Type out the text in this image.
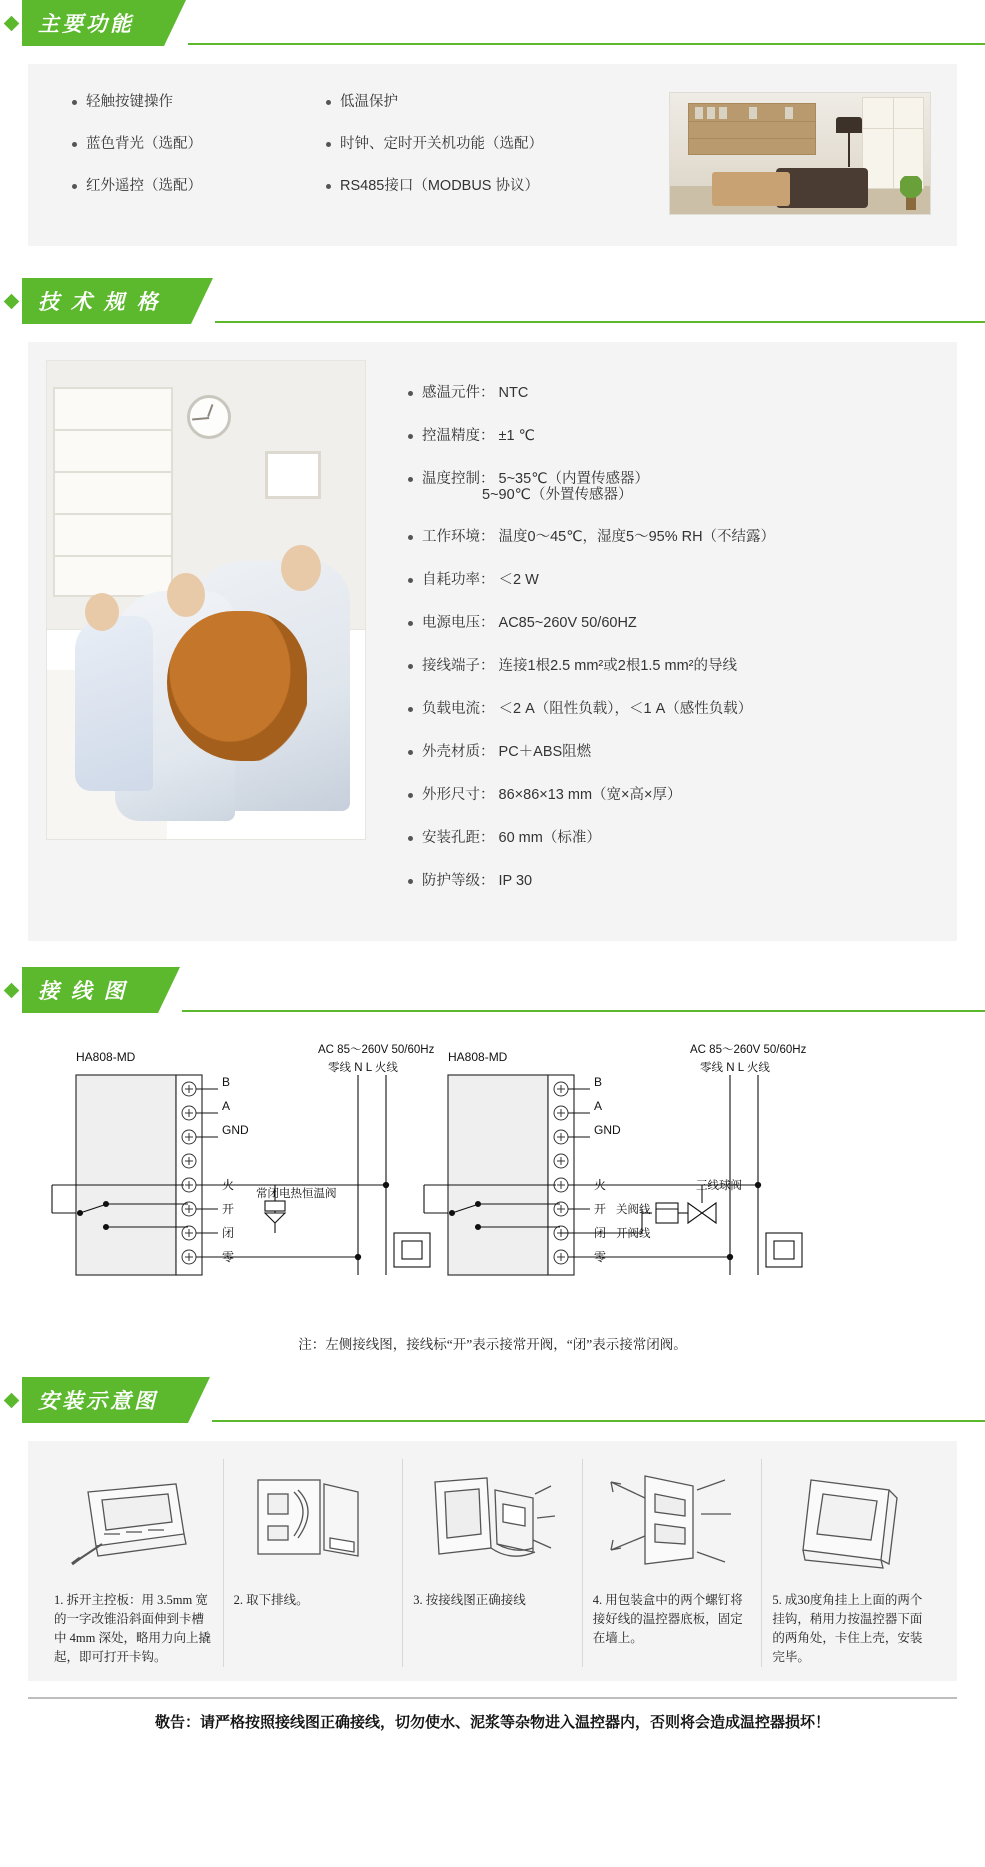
主要功能
轻触按键操作
蓝色背光（选配）
红外遥控（选配）
低温保护
时钟、定时开关机功能（选配）
RS485接口（MODBUS 协议）
技 术 规 格
感温元件： NTC
控温精度： ±1 ℃
温度控制： 5~35℃（内置传感器）
5~90℃（外置传感器）
工作环境： 温度0～45℃，湿度5～95% RH（不结露）
自耗功率： ＜2 W
电源电压： AC85~260V 50/60HZ
接线端子： 连接1根2.5 mm²或2根1.5 mm²的导线
负载电流： ＜2 A（阻性负载），＜1 A（感性负载）
外壳材质： PC＋ABS阻燃
外形尺寸： 86×86×13 mm（宽×高×厚）
安装孔距： 60 mm（标准）
防护等级： IP 30
接 线 图
HA808-MD
B
A
GND
火
开
闭
零
AC 85～260V 50/60Hz
零线 N L 火线
常闭电热恒温阀
HA808-MD
B
A
GND
火
开
闭
零
关阀线
开阀线
AC 85～260V 50/60Hz
零线 N L 火线
三线球阀
注：左侧接线图，接线标“开”表示接常开阀，“闭”表示接常闭阀。
安装示意图
1. 拆开主控板：用 3.5mm 宽的一字改锥沿斜面伸到卡槽中 4mm 深处，略用力向上撬起，即可打开卡钩。
2. 取下排线。	3. 按接线图正确接线	4. 用包装盒中的两个螺钉将接好线的温控器底板，固定在墙上。
5. 成30度角挂上上面的两个挂钩，稍用力按温控器下面的两角处，卡住上壳，安装完毕。
敬告：请严格按照接线图正确接线，切勿使水、泥浆等杂物进入温控器内，否则将会造成温控器损坏！
